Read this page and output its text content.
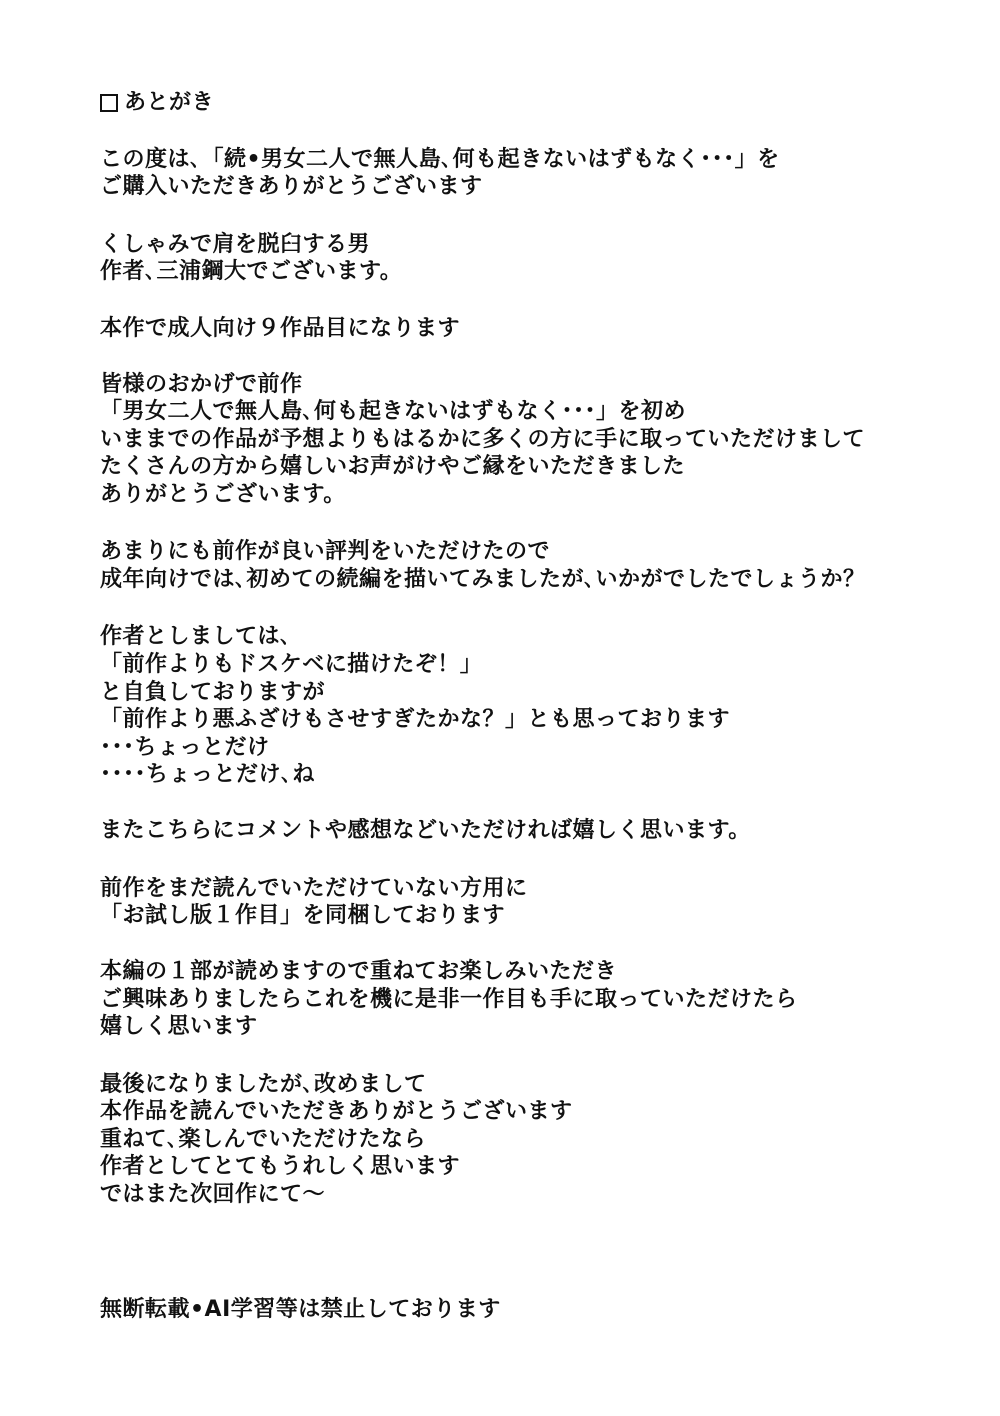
あとがき
この度は､「続•男女二人で無人島､何も起きないはずもなく･･･」を
ご購入いただきありがとうございます
くしゃみで肩を脱臼する男
作者､三浦鋼大でございます。
本作で成人向け９作品目になります
皆様のおかげで前作
「男女二人で無人島､何も起きないはずもなく･･･」を初め
いままでの作品が予想よりもはるかに多くの方に手に取っていただけまして
たくさんの方から嬉しいお声がけやご縁をいただきました
ありがとうございます。
あまりにも前作が良い評判をいただけたので
成年向けでは､初めての続編を描いてみましたが､いかがでしたでしょうか？
作者としましては､
「前作よりもドスケベに描けたぞ！」
と自負しておりますが
「前作より悪ふざけもさせすぎたかな？」とも思っております
･･･ちょっとだけ
････ちょっとだけ､ね
またこちらにコメントや感想などいただければ嬉しく思います。
前作をまだ読んでいただけていない方用に
「お試し版１作目」を同梱しております
本編の１部が読めますので重ねてお楽しみいただき
ご興味ありましたらこれを機に是非一作目も手に取っていただけたら
嬉しく思います
最後になりましたが､改めまして
本作品を読んでいただきありがとうございます
重ねて､楽しんでいただけたなら
作者としてとてもうれしく思います
ではまた次回作にて〜
無断転載•AI学習等は禁止しております
